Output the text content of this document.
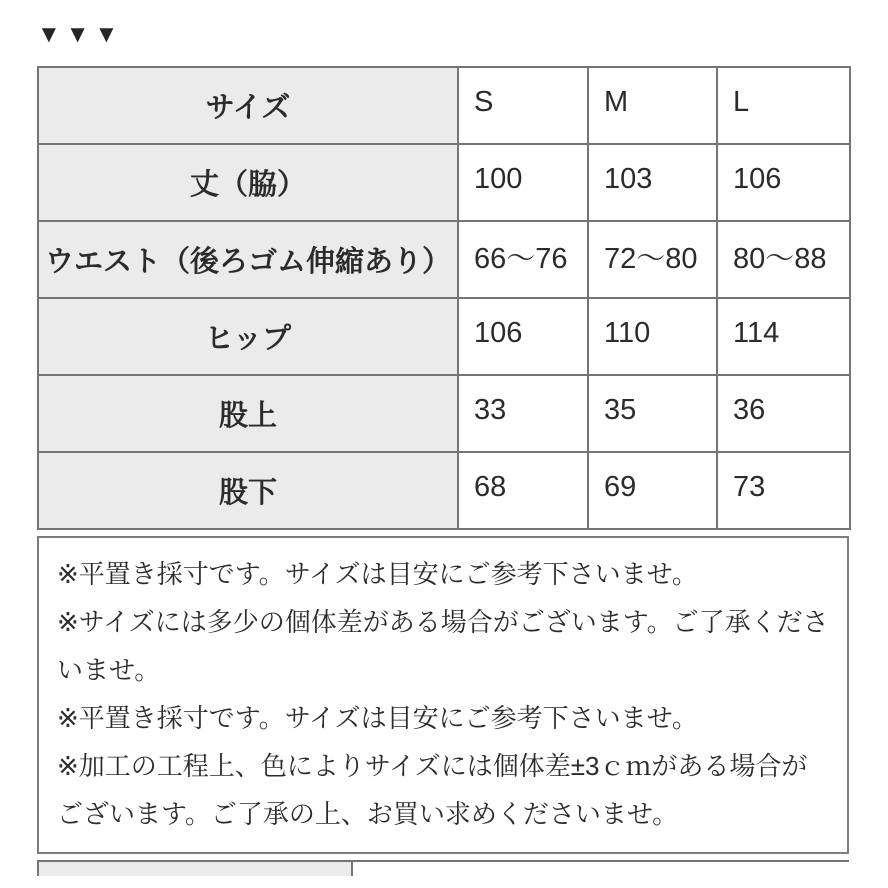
▼▼▼
サイズ	S	M	L
丈（脇）	100	103	106
ウエスト（後ろゴム伸縮あり）	66〜76	72〜80	80〜88
ヒップ	106	110	114
股上	33	35	36
股下	68	69	73

※平置き採寸です。サイズは目安にご参考下さいませ。

※サイズには多少の個体差がある場合がございます。ご了承くださいませ。

※平置き採寸です。サイズは目安にご参考下さいませ。

※加工の工程上、色によりサイズには個体差±3ｃｍがある場合がございます。ご了承の上、お買い求めくださいませ。
